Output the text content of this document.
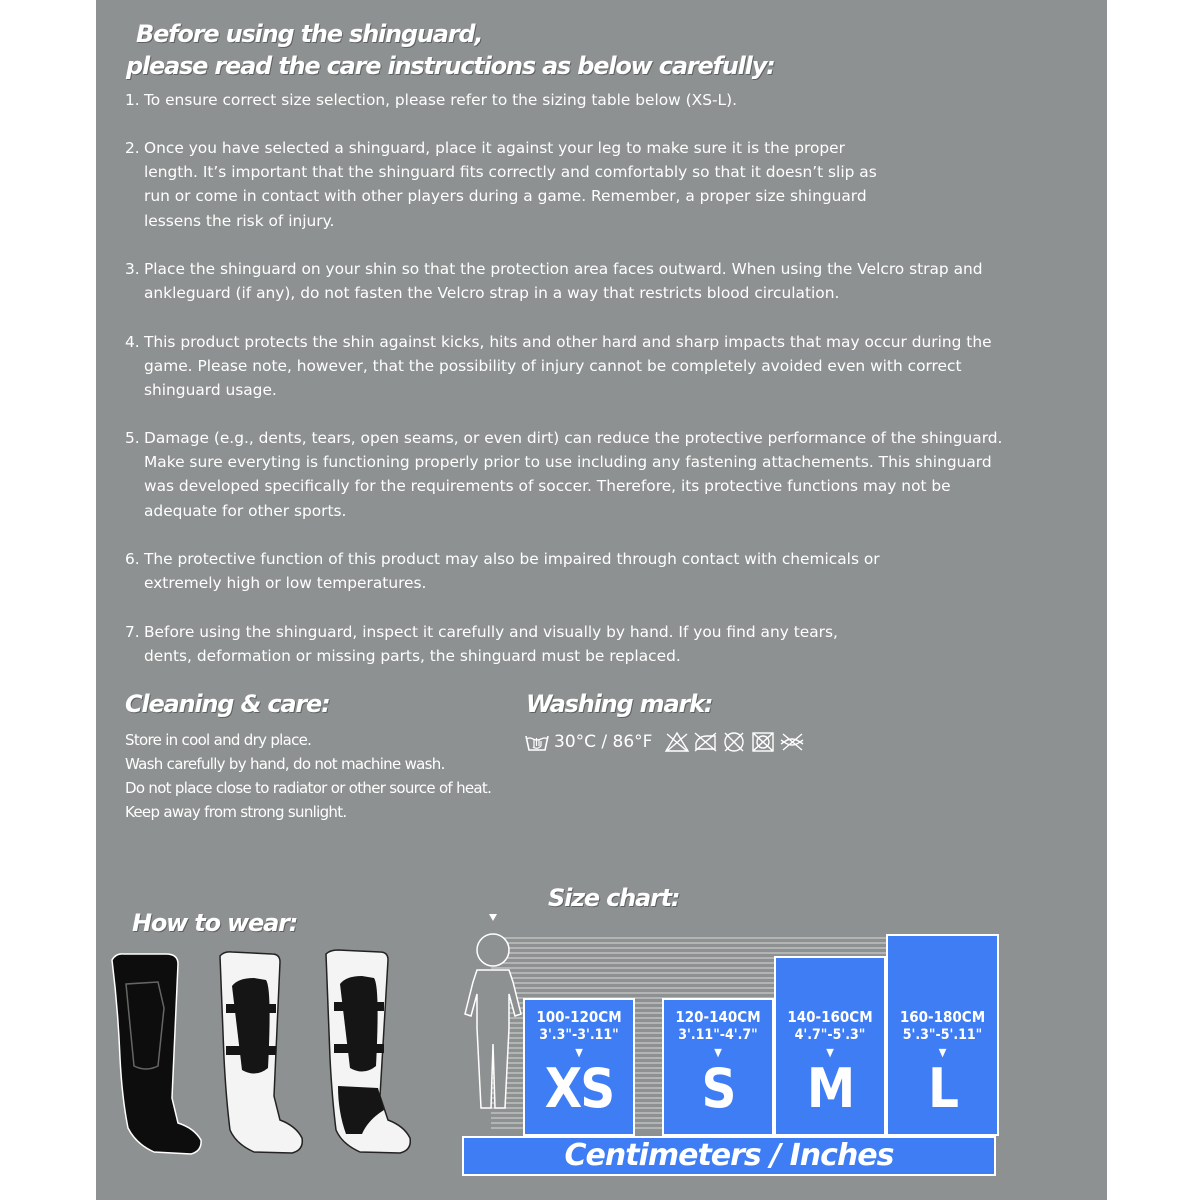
Before using the shinguard,

please read the care instructions as below carefully:

1. To ensure correct size selection, please refer to the sizing table below (XS-L).
2. Once you have selected a shinguard, place it against your leg to make sure it is the proper length. It’s important that the shinguard fits correctly and comfortably so that it doesn’t slip as run or come in contact with other players during a game. Remember, a proper size shinguard lessens the risk of injury.
3. Place the shinguard on your shin so that the protection area faces outward. When using the Velcro strap and ankleguard (if any), do not fasten the Velcro strap in a way that restricts blood circulation.
4. This product protects the shin against kicks, hits and other hard and sharp impacts that may occur during the game. Please note, however, that the possibility of injury cannot be completely avoided even with correct shinguard usage.
5. Damage (e.g., dents, tears, open seams, or even dirt) can reduce the protective performance of the shinguard. Make sure everyting is functioning properly prior to use including any fastening attachements. This shinguard was developed specifically for the requirements of soccer. Therefore, its protective functions may not be adequate for other sports.
6. The protective function of this product may also be impaired through contact with chemicals or extremely high or low temperatures.
7. Before using the shinguard, inspect it carefully and visually by hand. If you find any tears, dents, deformation or missing parts, the shinguard must be replaced.

Cleaning & care:

Store in cool and dry place.

Wash carefully by hand, do not machine wash.

Do not place close to radiator or other source of heat.

Keep away from strong sunlight.

Washing mark:

30°C / 86°F

How to wear:

Size chart:

100-120CM
3'.3"-3'.11"
▼
XS
120-140CM
3'.11"-4'.7"
▼
S
140-160CM
4'.7"-5'.3"
▼
M
160-180CM
5'.3"-5'.11"
▼
L
Centimeters / Inches
